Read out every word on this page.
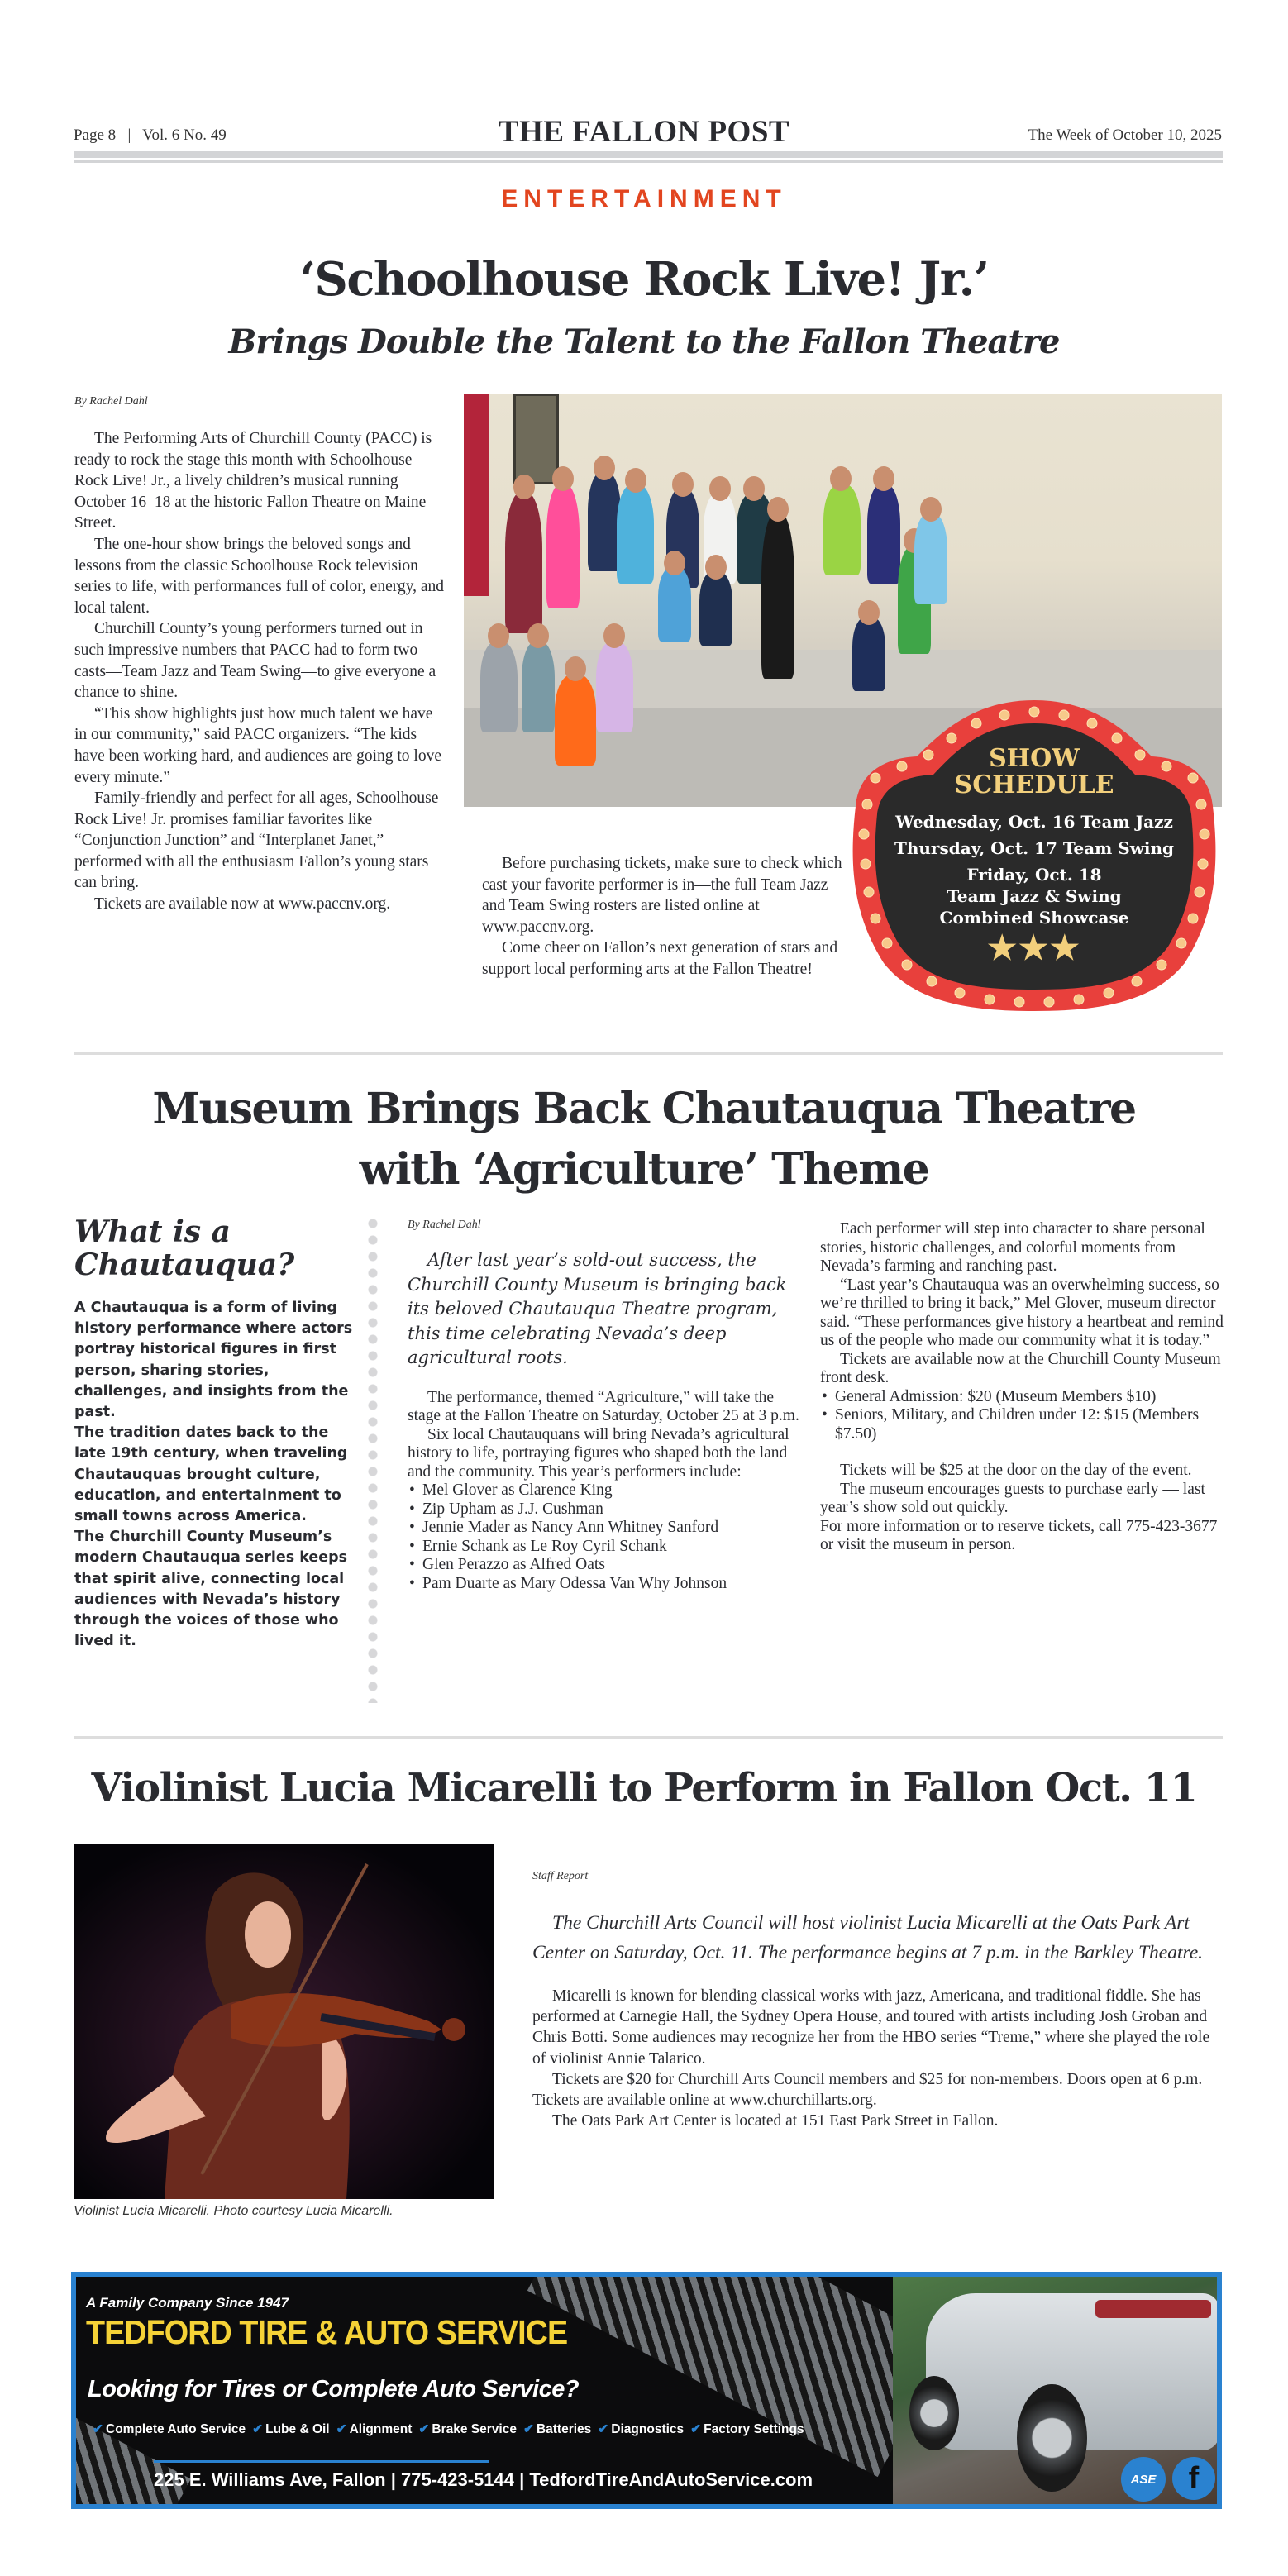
Page 8 | Vol. 6 No. 49	THE FALLON POST	The Week of October 10, 2025
ENTERTAINMENT
‘Schoolhouse Rock Live! Jr.’
Brings Double the Talent to the Fallon Theatre
By Rachel Dahl

The Performing Arts of Churchill County (PACC) is ready to rock the stage this month with Schoolhouse Rock Live! Jr., a lively children’s musical running October 16–18 at the historic Fallon Theatre on Maine Street.

The one-hour show brings the beloved songs and lessons from the classic Schoolhouse Rock television series to life, with performances full of color, energy, and local talent.

Churchill County’s young performers turned out in such impressive numbers that PACC had to form two casts—Team Jazz and Team Swing—to give everyone a chance to shine.

“This show highlights just how much talent we have in our community,” said PACC organizers. “The kids have been working hard, and audiences are going to love every minute.”

Family-friendly and perfect for all ages, Schoolhouse Rock Live! Jr. promises familiar favorites like “Conjunction Junction” and “Interplanet Janet,” performed with all the enthusiasm Fallon’s young stars can bring.

Tickets are available now at www.paccnv.org.

Before purchasing tickets, make sure to check which cast your favorite performer is in—the full Team Jazz and Team Swing rosters are listed online at www.paccnv.org.

Come cheer on Fallon’s next generation of stars and support local performing arts at the Fallon Theatre!

SHOW
SCHEDULE
Wednesday, Oct. 16 Team Jazz
Thursday, Oct. 17 Team Swing
Friday, Oct. 18
Team Jazz & Swing
Combined Showcase
★★★
Museum Brings Back Chautauqua Theatre
with ‘Agriculture’ Theme
What is a Chautauqua?

A Chautauqua is a form of living history performance where actors portray historical figures in first person, sharing stories, challenges, and insights from the past.

The tradition dates back to the late 19th century, when traveling Chautauquas brought culture, education, and entertainment to small towns across America.

The Churchill County Museum’s modern Chautauqua series keeps that spirit alive, connecting local audiences with Nevada’s history through the voices of those who lived it.

By Rachel Dahl

After last year’s sold-out success, the Churchill County Museum is bringing back its beloved Chautauqua Theatre program, this time celebrating Nevada’s deep agricultural roots.

The performance, themed “Agriculture,” will take the stage at the Fallon Theatre on Saturday, October 25 at 3 p.m.

Six local Chautauquans will bring Nevada’s agricultural history to life, portraying figures who shaped both the land and the community. This year’s performers include:

• Mel Glover as Clarence King
• Zip Upham as J.J. Cushman
• Jennie Mader as Nancy Ann Whitney Sanford
• Ernie Schank as Le Roy Cyril Schank
• Glen Perazzo as Alfred Oats
• Pam Duarte as Mary Odessa Van Why Johnson

Each performer will step into character to share personal stories, historic challenges, and colorful moments from Nevada’s farming and ranching past.

“Last year’s Chautauqua was an overwhelming success, so we’re thrilled to bring it back,” Mel Glover, museum director said. “These performances give history a heartbeat and remind us of the people who made our community what it is today.”

Tickets are available now at the Churchill County Museum front desk.

• General Admission: $20 (Museum Members $10)
• Seniors, Military, and Children under 12: $15 (Members $7.50)

Tickets will be $25 at the door on the day of the event.

The museum encourages guests to purchase early — last year’s show sold out quickly.

For more information or to reserve tickets, call 775-423-3677 or visit the museum in person.

Violinist Lucia Micarelli to Perform in Fallon Oct. 11
Violinist Lucia Micarelli. Photo courtesy Lucia Micarelli.
Staff Report

The Churchill Arts Council will host violinist Lucia Micarelli at the Oats Park Art Center on Saturday, Oct. 11. The performance begins at 7 p.m. in the Barkley Theatre.

Micarelli is known for blending classical works with jazz, Americana, and traditional fiddle. She has performed at Carnegie Hall, the Sydney Opera House, and toured with artists including Josh Groban and Chris Botti. Some audiences may recognize her from the HBO series “Treme,” where she played the role of violinist Annie Talarico.

Tickets are $20 for Churchill Arts Council members and $25 for non-members. Doors open at 6 p.m. Tickets are available online at www.churchillarts.org.

The Oats Park Art Center is located at 151 East Park Street in Fallon.

A Family Company Since 1947
TEDFORD TIRE & AUTO SERVICE
Looking for Tires or Complete Auto Service?
✔ Complete Auto Service ✔ Lube & Oil ✔ Alignment ✔ Brake Service ✔ Batteries ✔ Diagnostics ✔ Factory Settings
225 E. Williams Ave, Fallon | 775-423-5144 | TedfordTireAndAutoService.com	ASE	f
